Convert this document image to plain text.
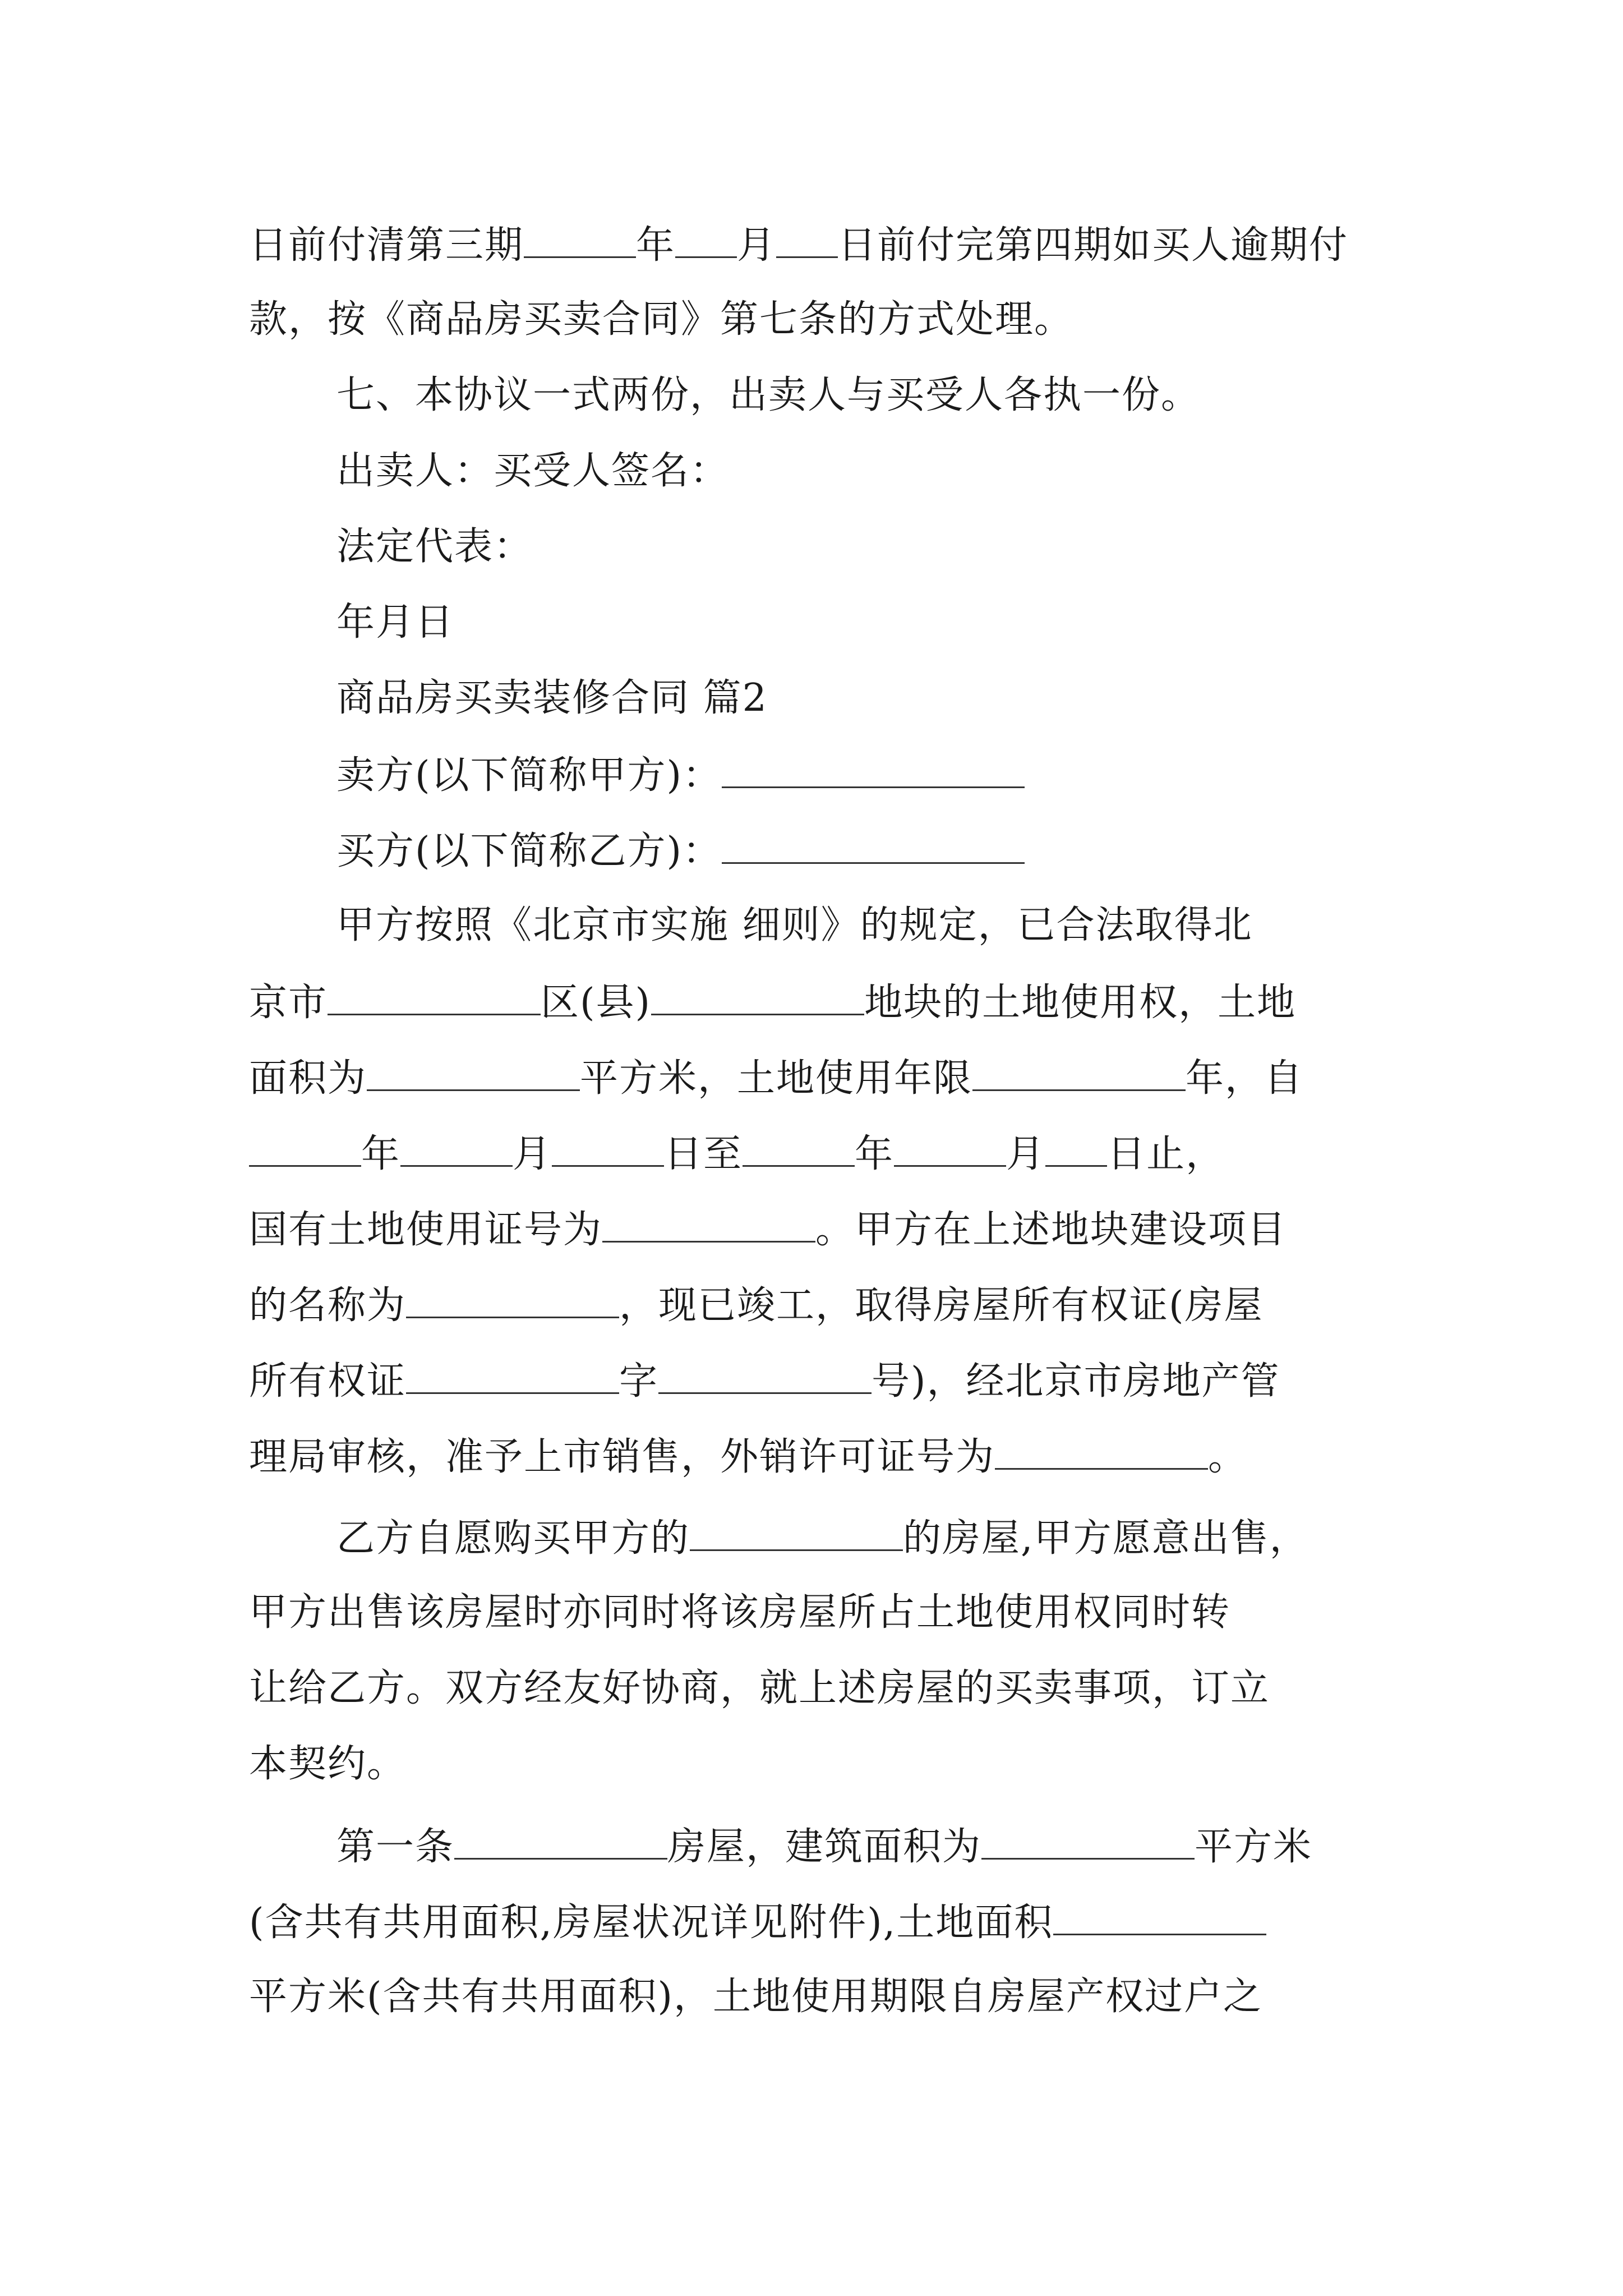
日前付清第三期	年 月 日前付完第四期如买人逾期付
款，按《商品房买卖合同》第七条的方式处理。
七、本协议一式两份，出卖人与买受人各执一份。
出卖人：买受人签名：
法定代表：
年月日
商品房买卖装修合同 篇2
卖方(以下简称甲方)：
买方(以下简称乙方)：
甲方按照《北京市实施 细则》的规定，已合法取得北
京市	区(县)	地块的土地使用权，土地
面积为	平方米，土地使用年限	年，自
年	月	日至	年	月 日止，
国有土地使用证号为	。甲方在上述地块建设项目
的名称为	，现已竣工，取得房屋所有权证(房屋
所有权证	字	号)，经北京市房地产管
理局审核，准予上市销售，外销许可证号为	。
乙方自愿购买甲方的	的房屋,甲方愿意出售，
甲方出售该房屋时亦同时将该房屋所占土地使用权同时转
让给乙方。双方经友好协商，就上述房屋的买卖事项，订立
本契约。
第一条	房屋，建筑面积为	平方米
(含共有共用面积,房屋状况详见附件),土地面积
平方米(含共有共用面积)，土地使用期限自房屋产权过户之
